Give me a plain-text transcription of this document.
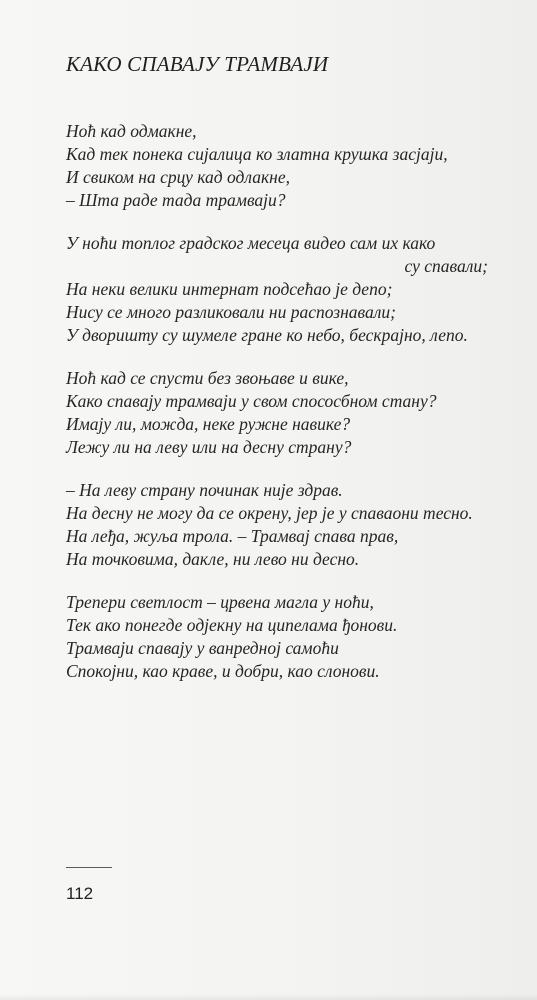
КАКО СПАВАЈУ ТРАМВАЈИ
Ноћ кад одмакне,
Кад тек понека сијалица ко златна крушка засјаји,
И свиком на срцу кад одлакне,
– Шта раде тада трамваји?
У ноћи топлог градског месеца видео сам их како
су спавали;
На неки велики интернат подсећао је депо;
Нису се много разликовали ни распознавали;
У дворишту су шумеле гране ко небо, бескрајно, лепо.
Ноћ кад се спусти без звоњаве и вике,
Како спавају трамваји у свом спососбном стану?
Имају ли, можда, неке ружне навике?
Лежу ли на леву или на десну страну?
– На леву страну починак није здрав.
На десну не могу да се окрену, јер је у спаваони тесно.
На леђа, жуља трола. – Трамвај спава прав,
На точковима, дакле, ни лево ни десно.
Трепери светлост – црвена магла у ноћи,
Тек ако понегде одјекну на ципелама ђонови.
Трамваји спавају у ванредној самоћи
Спокојни, као краве, и добри, као слонови.
112
